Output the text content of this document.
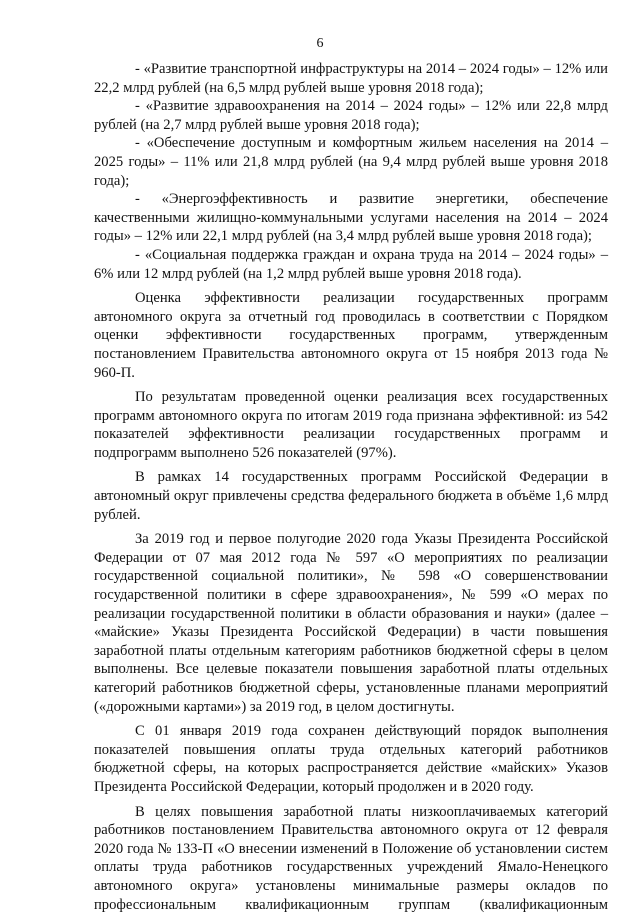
6

- «Развитие транспортной инфраструктуры на 2014 – 2024 годы» – 12% или 22,2 млрд рублей (на 6,5 млрд рублей выше уровня 2018 года);

- «Развитие здравоохранения на 2014 – 2024 годы» – 12% или 22,8 млрд рублей (на 2,7 млрд рублей выше уровня 2018 года);

- «Обеспечение доступным и комфортным жильем населения на 2014 – 2025 годы» – 11% или 21,8 млрд рублей (на 9,4 млрд рублей выше уровня 2018 года);

- «Энергоэффективность и развитие энергетики, обеспечение качественными жилищно-коммунальными услугами населения на 2014 – 2024 годы» – 12% или 22,1 млрд рублей (на 3,4 млрд рублей выше уровня 2018 года);

- «Социальная поддержка граждан и охрана труда на 2014 – 2024 годы» – 6% или 12 млрд рублей (на 1,2 млрд рублей выше уровня 2018 года).

Оценка эффективности реализации государственных программ автономного округа за отчетный год проводилась в соответствии с Порядком оценки эффективности государственных программ, утвержденным постановлением Правительства автономного округа от 15 ноября 2013 года № 960-П.

По результатам проведенной оценки реализация всех государственных программ автономного округа по итогам 2019 года признана эффективной: из 542 показателей эффективности реализации государственных программ и подпрограмм выполнено 526 показателей (97%).

В рамках 14 государственных программ Российской Федерации в автономный округ привлечены средства федерального бюджета в объёме 1,6 млрд рублей.

За 2019 год и первое полугодие 2020 года Указы Президента Российской Федерации от 07 мая 2012 года № 597 «О мероприятиях по реализации государственной социальной политики», № 598 «О совершенствовании государственной политики в сфере здравоохранения», № 599 «О мерах по реализации государственной политики в области образования и науки» (далее – «майские» Указы Президента Российской Федерации) в части повышения заработной платы отдельным категориям работников бюджетной сферы в целом выполнены. Все целевые показатели повышения заработной платы отдельных категорий работников бюджетной сферы, установленные планами мероприятий («дорожными картами») за 2019 год, в целом достигнуты.

С 01 января 2019 года сохранен действующий порядок выполнения показателей повышения оплаты труда отдельных категорий работников бюджетной сферы, на которых распространяется действие «майских» Указов Президента Российской Федерации, который продолжен и в 2020 году.

В целях повышения заработной платы низкооплачиваемых категорий работников постановлением Правительства автономного округа от 12 февраля 2020 года № 133-П «О внесении изменений в Положение об установлении систем оплаты труда работников государственных учреждений Ямало-Ненецкого автономного округа» установлены минимальные размеры окладов по профессиональным квалификационным группам (квалификационным
